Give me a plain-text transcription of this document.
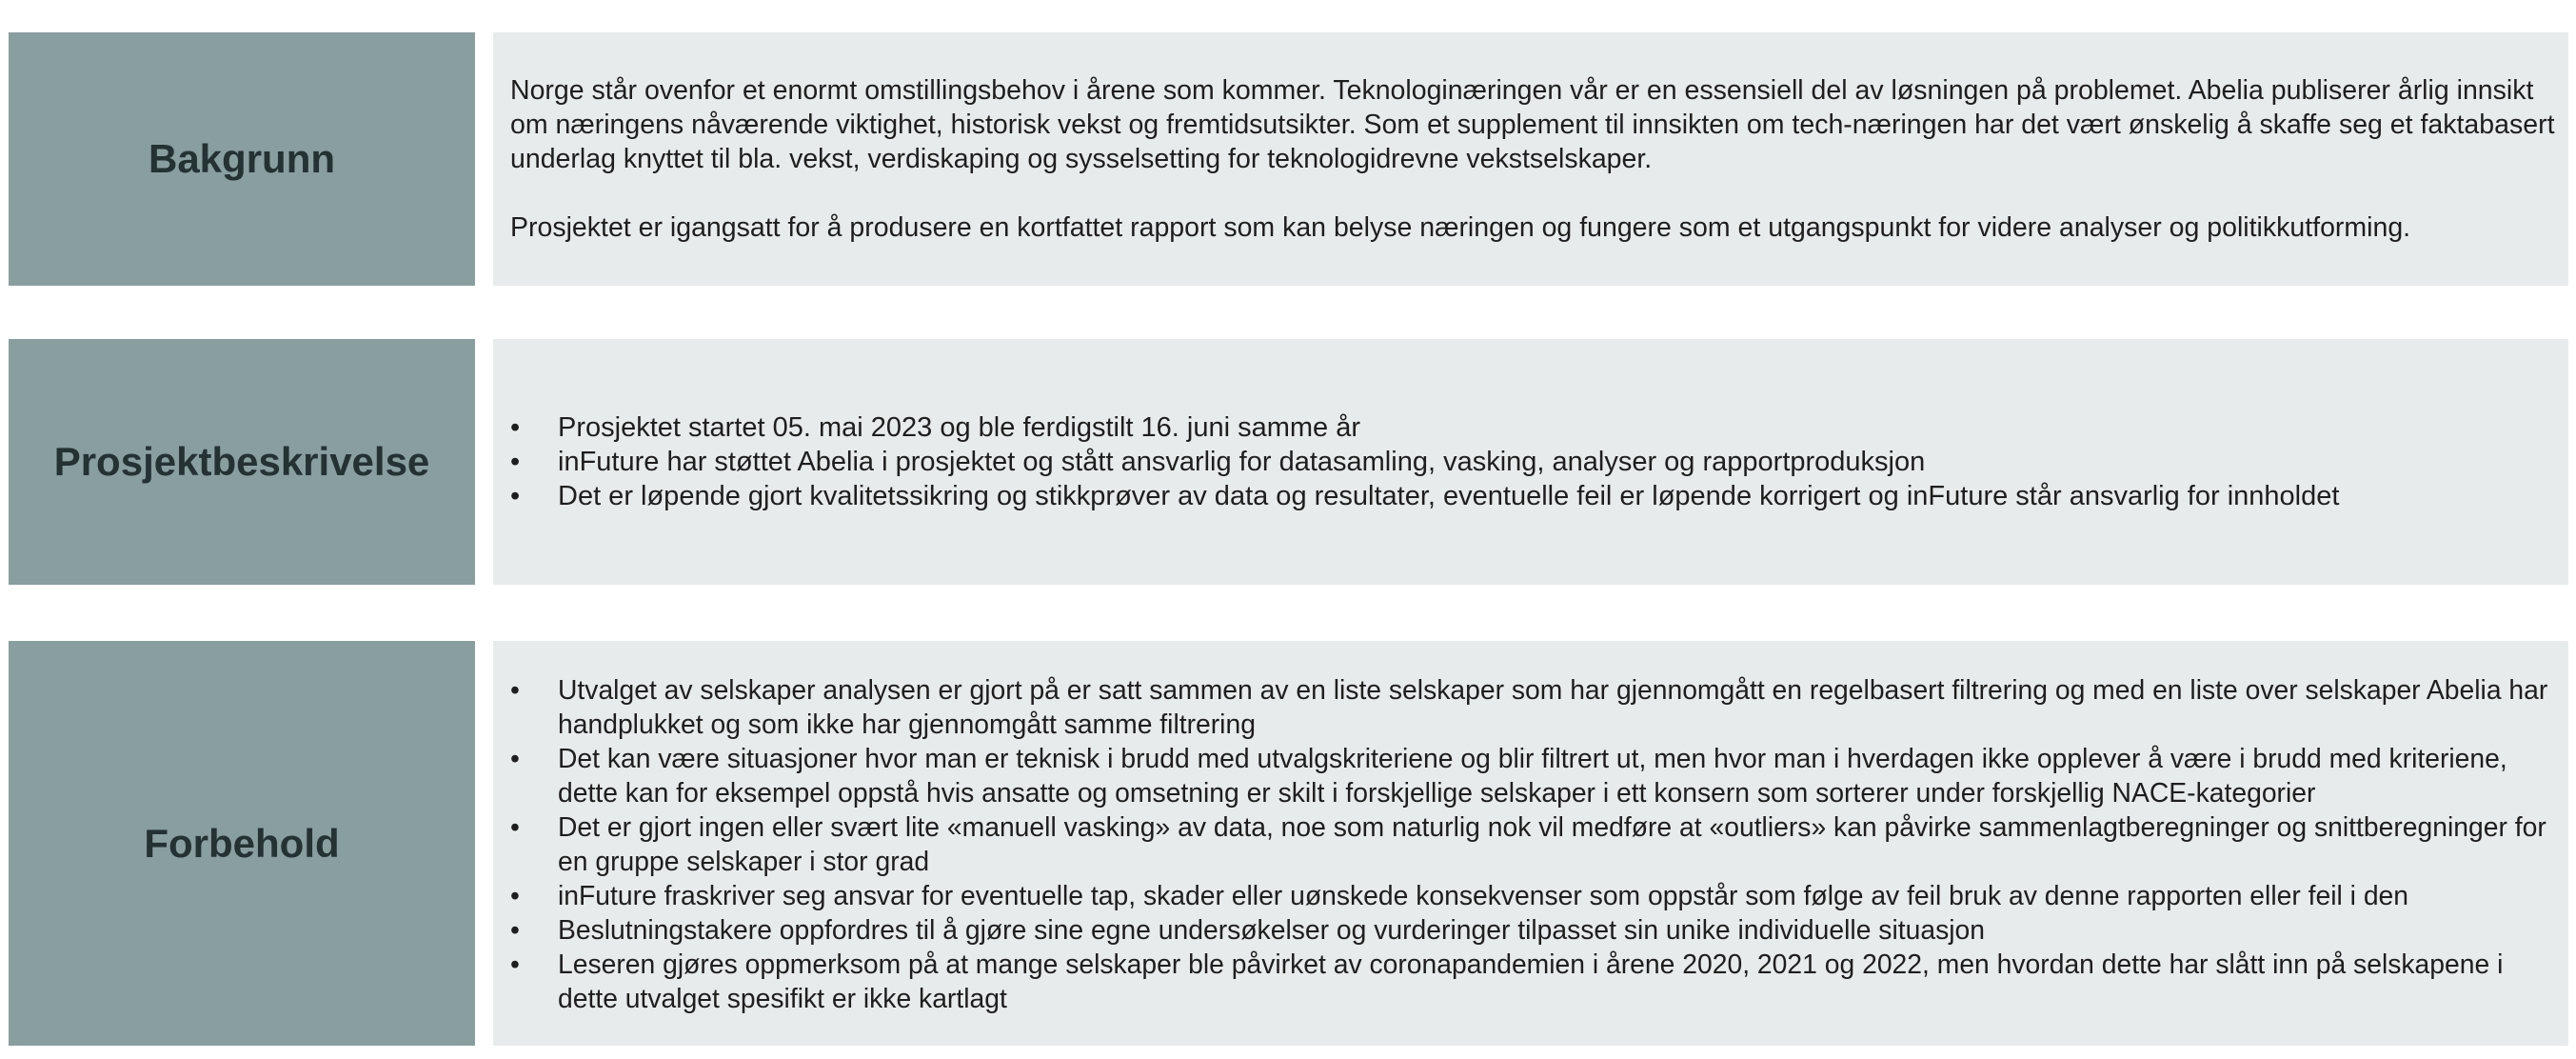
Bakgrunn

Norge står ovenfor et enormt omstillingsbehov i årene som kommer. Teknologinæringen vår er en essensiell del av løsningen på problemet. Abelia publiserer årlig innsikt om næringens nåværende viktighet, historisk vekst og fremtidsutsikter. Som et supplement til innsikten om tech-næringen har det vært ønskelig å skaffe seg et faktabasert underlag knyttet til bla. vekst, verdiskaping og sysselsetting for teknologidrevne vekstselskaper.

Prosjektet er igangsatt for å produsere en kortfattet rapport som kan belyse næringen og fungere som et utgangspunkt for videre analyser og politikkutforming.

Prosjektbeskrivelse
• Prosjektet startet 05. mai 2023 og ble ferdigstilt 16. juni samme år
• inFuture har støttet Abelia i prosjektet og stått ansvarlig for datasamling, vasking, analyser og rapportproduksjon
• Det er løpende gjort kvalitetssikring og stikkprøver av data og resultater, eventuelle feil er løpende korrigert og inFuture står ansvarlig for innholdet
Forbehold
• Utvalget av selskaper analysen er gjort på er satt sammen av en liste selskaper som har gjennomgått en regelbasert filtrering og med en liste over selskaper Abelia har handplukket og som ikke har gjennomgått samme filtrering
• Det kan være situasjoner hvor man er teknisk i brudd med utvalgskriteriene og blir filtrert ut, men hvor man i hverdagen ikke opplever å være i brudd med kriteriene, dette kan for eksempel oppstå hvis ansatte og omsetning er skilt i forskjellige selskaper i ett konsern som sorterer under forskjellig NACE-kategorier
• Det er gjort ingen eller svært lite «manuell vasking» av data, noe som naturlig nok vil medføre at «outliers» kan påvirke sammenlagtberegninger og snittberegninger for en gruppe selskaper i stor grad
• inFuture fraskriver seg ansvar for eventuelle tap, skader eller uønskede konsekvenser som oppstår som følge av feil bruk av denne rapporten eller feil i den
• Beslutningstakere oppfordres til å gjøre sine egne undersøkelser og vurderinger tilpasset sin unike individuelle situasjon
• Leseren gjøres oppmerksom på at mange selskaper ble påvirket av coronapandemien i årene 2020, 2021 og 2022, men hvordan dette har slått inn på selskapene i dette utvalget spesifikt er ikke kartlagt
